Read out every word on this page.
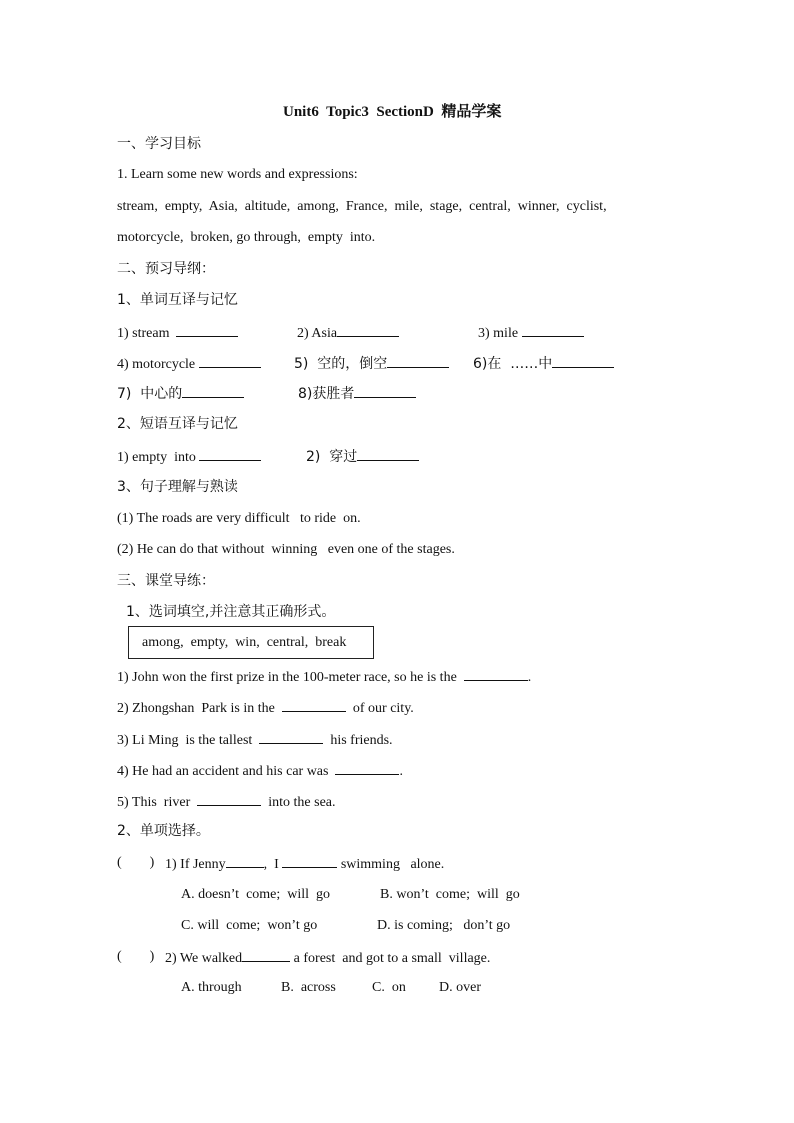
Unit6  Topic3  SectionD  精品学案
一、学习目标
1. Learn some new words and expressions:
stream,  empty,  Asia,  altitude,  among,  France,  mile,  stage,  central,  winner,  cyclist,
motorcycle,  broken, go through,  empty  into.
二、预习导纲：
1、单词互译与记忆
1) stream	2) Asia	3) mile
4) motorcycle	5)  空的，倒空	6)在  ……中
7)  中心的	8)获胜者
2、短语互译与记忆
1) empty  into	2)  穿过
3、句子理解与熟读
(1) The roads are very difficult   to ride  on.
(2) He can do that without  winning   even one of the stages.
三、课堂导练：
1、选词填空,并注意其正确形式。
among,  empty,  win,  central,  break
1) John won the first prize in the 100-meter race, so he is the	.
2) Zhongshan  Park is in the	of our city.
3) Li Ming  is the tallest	his friends.
4) He had an accident and his car was	.
5) This  river	into the sea.
2、单项选择。
(        ) 1) If Jenny	,  I	swimming   alone.
A. doesn’t  come;  will  go	B. won’t  come;  will  go
C. will  come;  won’t go	D. is coming;   don’t go
(        ) 2) We walked	a forest  and got to a small  village.
A. through	B.  across	C.  on D. over
